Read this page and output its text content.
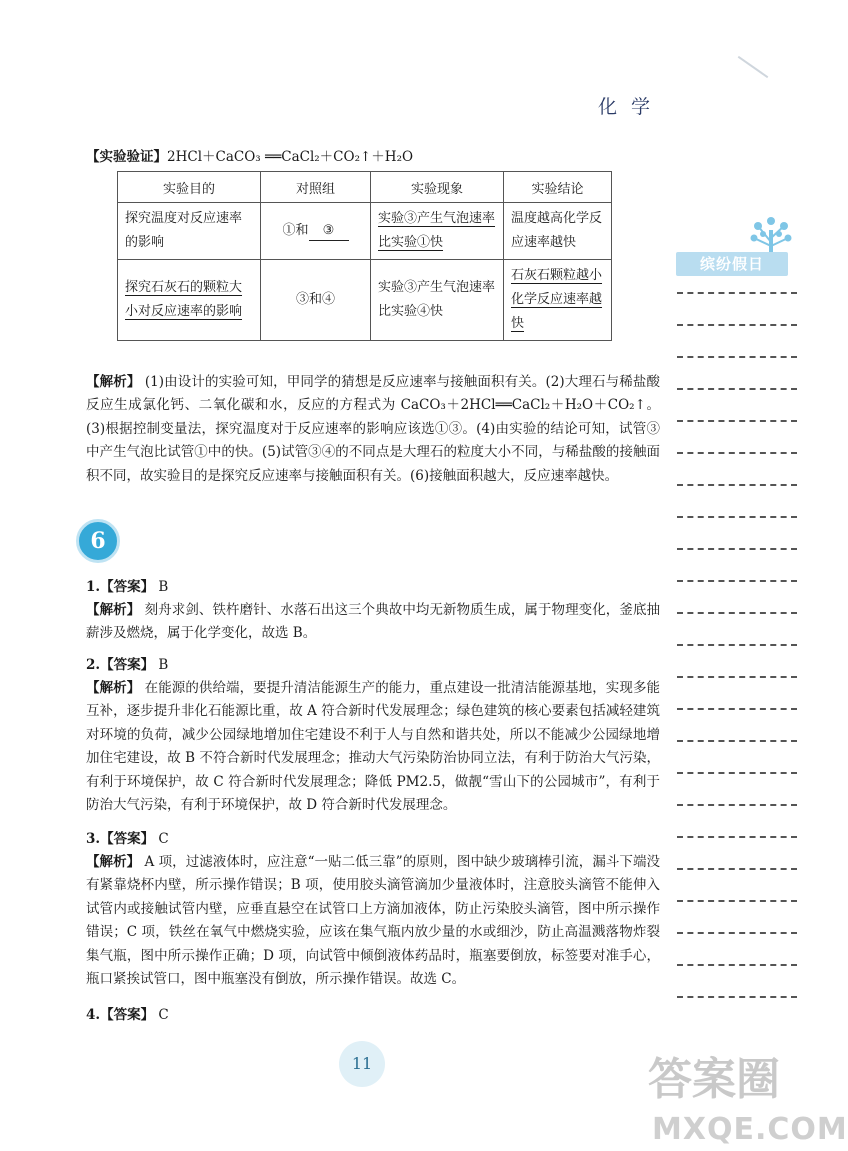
化学
【实验验证】2HCl＋CaCO₃ ══CaCl₂＋CO₂↑＋H₂O
实验目的	对照组	实验现象	实验结论
探究温度对反应速率的影响	①和 ③	实验③产生气泡速率比实验①快	温度越高化学反应速率越快
探究石灰石的颗粒大小对反应速率的影响	③和④	实验③产生气泡速率比实验④快	石灰石颗粒越小化学反应速率越快
【解析】 (1)由设计的实验可知，甲同学的猜想是反应速率与接触面积有关。(2)大理石与稀盐酸反应生成氯化钙、二氧化碳和水，反应的方程式为 CaCO₃＋2HCl══CaCl₂＋H₂O＋CO₂↑。(3)根据控制变量法，探究温度对于反应速率的影响应该选①③。(4)由实验的结论可知，试管③中产生气泡比试管①中的快。(5)试管③④的不同点是大理石的粒度大小不同，与稀盐酸的接触面积不同，故实验目的是探究反应速率与接触面积有关。(6)接触面积越大，反应速率越快。
6
1.【答案】 B
【解析】 刻舟求剑、铁杵磨针、水落石出这三个典故中均无新物质生成，属于物理变化，釜底抽薪涉及燃烧，属于化学变化，故选 B。
2.【答案】 B
【解析】 在能源的供给端，要提升清洁能源生产的能力，重点建设一批清洁能源基地，实现多能互补，逐步提升非化石能源比重，故 A 符合新时代发展理念；绿色建筑的核心要素包括减轻建筑对环境的负荷，减少公园绿地增加住宅建设不利于人与自然和谐共处，所以不能减少公园绿地增加住宅建设，故 B 不符合新时代发展理念；推动大气污染防治协同立法，有利于防治大气污染，有利于环境保护，故 C 符合新时代发展理念；降低 PM2.5，做靓“雪山下的公园城市”，有利于防治大气污染，有利于环境保护，故 D 符合新时代发展理念。
3.【答案】 C
【解析】 A 项，过滤液体时，应注意“一贴二低三靠”的原则，图中缺少玻璃棒引流，漏斗下端没有紧靠烧杯内壁，所示操作错误；B 项，使用胶头滴管滴加少量液体时，注意胶头滴管不能伸入试管内或接触试管内壁，应垂直悬空在试管口上方滴加液体，防止污染胶头滴管，图中所示操作错误；C 项，铁丝在氧气中燃烧实验，应该在集气瓶内放少量的水或细沙，防止高温溅落物炸裂集气瓶，图中所示操作正确；D 项，向试管中倾倒液体药品时，瓶塞要倒放，标签要对准手心，瓶口紧挨试管口，图中瓶塞没有倒放，所示操作错误。故选 C。
4.【答案】 C
缤纷假日
11	答案圈
MXQE.COM
